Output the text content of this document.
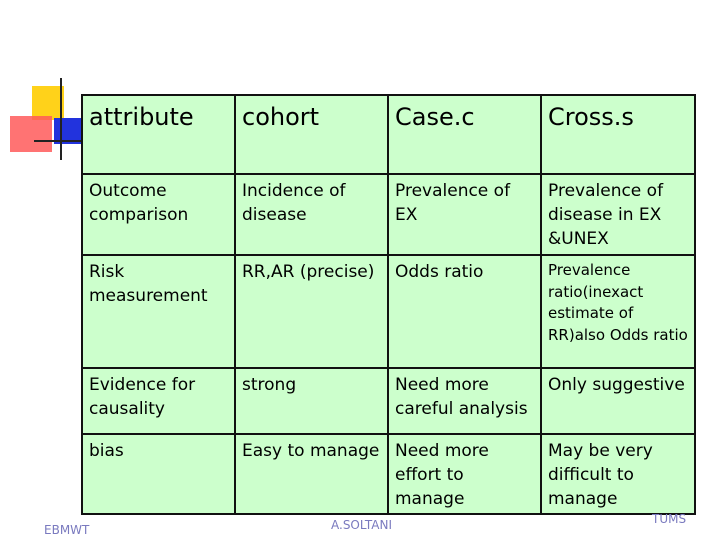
attribute	cohort	Case.c	Cross.s
Outcome comparison	Incidence of disease	Prevalence of EX	Prevalence of disease in EX &UNEX
Risk measurement	RR,AR (precise)	Odds ratio	Prevalence ratio(inexact estimate of RR)also Odds ratio
Evidence for causality	strong	Need more careful analysis	Only suggestive
bias	Easy to manage	Need more effort to manage	May be very difficult to manage
EBMWT	A.SOLTANI	TUMS
